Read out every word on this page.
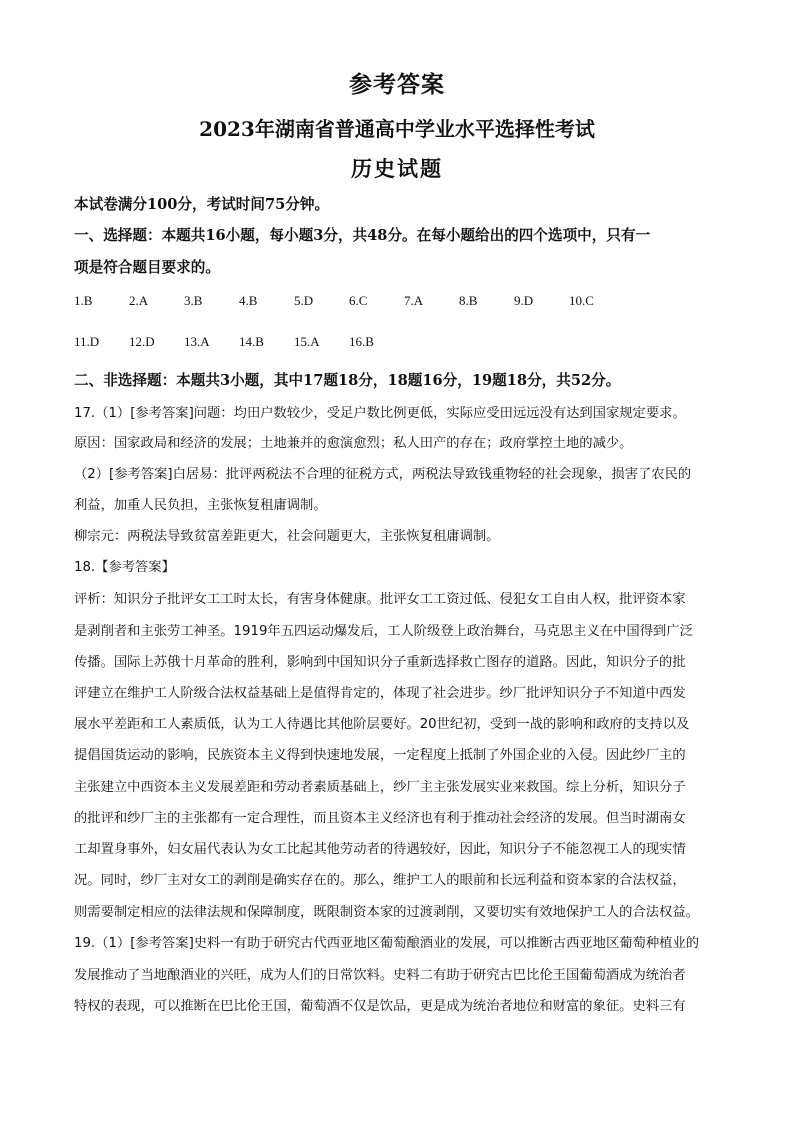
参考答案
2023年湖南省普通高中学业水平选择性考试
历史试题
本试卷满分100分，考试时间75分钟。
一、选择题：本题共16小题，每小题3分，共48分。在每小题给出的四个选项中，只有一
项是符合题目要求的。
1.B	2.A	3.B	4.B	5.D	6.C	7.A	8.B	9.D	10.C
11.D 12.D 13.A 14.B 15.A 16.B
二、非选择题：本题共3小题，其中17题18分，18题16分，19题18分，共52分。
17.（1）[参考答案]问题：均田户数较少，受足户数比例更低，实际应受田远远没有达到国家规定要求。
原因：国家政局和经济的发展；土地兼并的愈演愈烈；私人田产的存在；政府掌控土地的减少。
（2）[参考答案]白居易：批评两税法不合理的征税方式，两税法导致钱重物轻的社会现象，损害了农民的
利益，加重人民负担，主张恢复租庸调制。
柳宗元：两税法导致贫富差距更大，社会问题更大，主张恢复租庸调制。
18.【参考答案】
评析：知识分子批评女工工时太长，有害身体健康。批评女工工资过低、侵犯女工自由人权，批评资本家
是剥削者和主张劳工神圣。1919年五四运动爆发后，工人阶级登上政治舞台，马克思主义在中国得到广泛
传播。国际上苏俄十月革命的胜利，影响到中国知识分子重新选择救亡图存的道路。因此，知识分子的批
评建立在维护工人阶级合法权益基础上是值得肯定的，体现了社会进步。纱厂批评知识分子不知道中西发
展水平差距和工人素质低，认为工人待遇比其他阶层要好。20世纪初，受到一战的影响和政府的支持以及
提倡国货运动的影响，民族资本主义得到快速地发展，一定程度上抵制了外国企业的入侵。因此纱厂主的
主张建立中西资本主义发展差距和劳动者素质基础上，纱厂主主张发展实业来救国。综上分析，知识分子
的批评和纱厂主的主张都有一定合理性，而且资本主义经济也有利于推动社会经济的发展。但当时湖南女
工却置身事外，妇女届代表认为女工比起其他劳动者的待遇较好，因此，知识分子不能忽视工人的现实情
况。同时，纱厂主对女工的剥削是确实存在的。那么，维护工人的眼前和长远利益和资本家的合法权益，
则需要制定相应的法律法规和保障制度，既限制资本家的过渡剥削，又要切实有效地保护工人的合法权益。
19.（1）[参考答案]史料一有助于研究古代西亚地区葡萄酿酒业的发展，可以推断古西亚地区葡萄种植业的
发展推动了当地酿酒业的兴旺，成为人们的日常饮料。史料二有助于研究古巴比伦王国葡萄酒成为统治者
特权的表现，可以推断在巴比伦王国，葡萄酒不仅是饮品，更是成为统治者地位和财富的象征。史料三有
